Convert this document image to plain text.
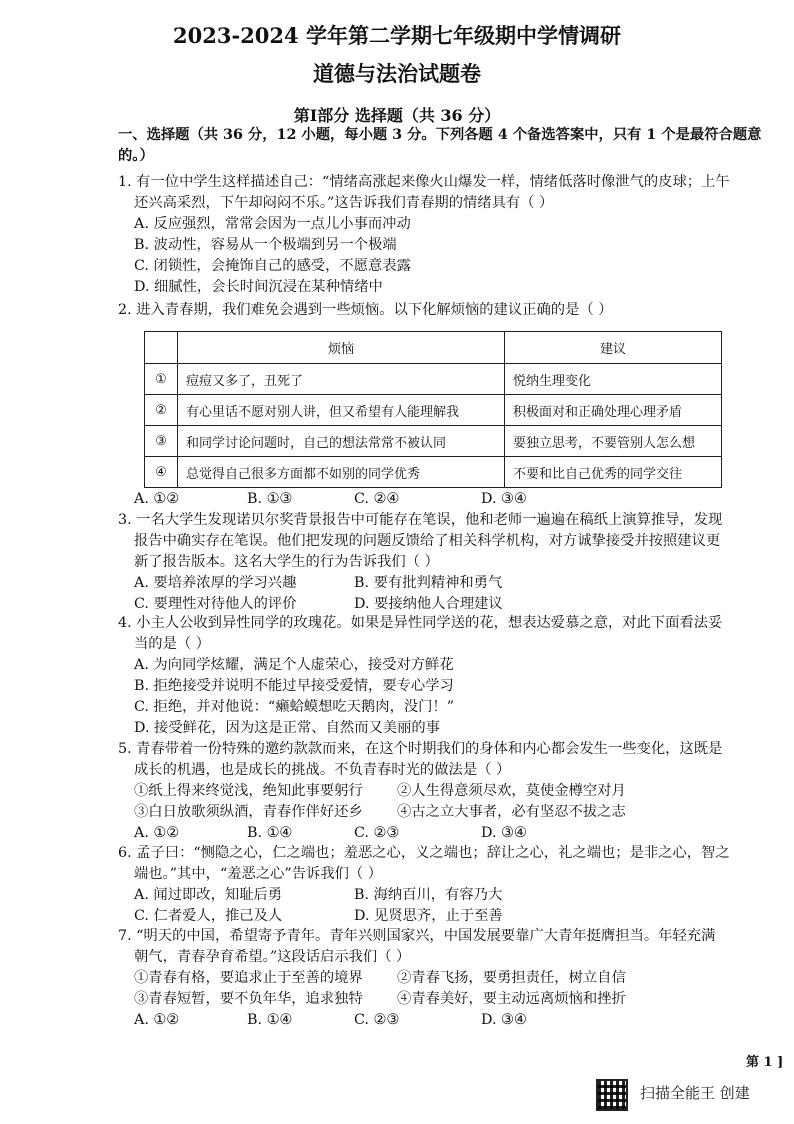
2023-2024 学年第二学期七年级期中学情调研
道德与法治试题卷
第Ⅰ部分 选择题（共 36 分）
一、选择题（共 36 分，12 小题，每小题 3 分。下列各题 4 个备选答案中，只有 1 个是最符合题意
的。）
1. 有一位中学生这样描述自己：“情绪高涨起来像火山爆发一样，情绪低落时像泄气的皮球；上午
还兴高采烈，下午却闷闷不乐。”这告诉我们青春期的情绪具有（ ）
A. 反应强烈，常常会因为一点儿小事而冲动
B. 波动性，容易从一个极端到另一个极端
C. 闭锁性，会掩饰自己的感受，不愿意表露
D. 细腻性，会长时间沉浸在某种情绪中
2. 进入青春期，我们难免会遇到一些烦恼。以下化解烦恼的建议正确的是（ ）
	烦恼	建议
①	痘痘又多了，丑死了	悦纳生理变化
②	有心里话不愿对别人讲，但又希望有人能理解我	积极面对和正确处理心理矛盾
③	和同学讨论问题时，自己的想法常常不被认同	要独立思考，不要管别人怎么想
④	总觉得自己很多方面都不如别的同学优秀	不要和比自己优秀的同学交往
A. ①②	B. ①③	C. ②④	D. ③④
3. 一名大学生发现诺贝尔奖背景报告中可能存在笔误，他和老师一遍遍在稿纸上演算推导，发现
报告中确实存在笔误。他们把发现的问题反馈给了相关科学机构，对方诚挚接受并按照建议更
新了报告版本。这名大学生的行为告诉我们（ ）
A. 要培养浓厚的学习兴趣	B. 要有批判精神和勇气
C. 要理性对待他人的评价	D. 要接纳他人合理建议
4. 小主人公收到异性同学的玫瑰花。如果是异性同学送的花，想表达爱慕之意，对此下面看法妥
当的是（ ）
A. 为向同学炫耀，满足个人虚荣心，接受对方鲜花
B. 拒绝接受并说明不能过早接受爱情，要专心学习
C. 拒绝，并对他说：“癞蛤蟆想吃天鹅肉，没门！”
D. 接受鲜花，因为这是正常、自然而又美丽的事
5. 青春带着一份特殊的邀约款款而来，在这个时期我们的身体和内心都会发生一些变化，这既是
成长的机遇，也是成长的挑战。不负青春时光的做法是（ ）
①纸上得来终觉浅，绝知此事要躬行 ②人生得意须尽欢，莫使金樽空对月
③白日放歌须纵酒，青春作伴好还乡 ④古之立大事者，必有坚忍不拔之志
A. ①②	B. ①④	C. ②③	D. ③④
6. 孟子曰：“恻隐之心，仁之端也；羞恶之心，义之端也；辞让之心，礼之端也；是非之心，智之
端也。”其中，“羞恶之心”告诉我们（ ）
A. 闻过即改，知耻后勇	B. 海纳百川，有容乃大
C. 仁者爱人，推己及人	D. 见贤思齐，止于至善
7. “明天的中国，希望寄予青年。青年兴则国家兴，中国发展要靠广大青年挺膺担当。年轻充满
朝气，青春孕育希望。”这段话启示我们（ ）
①青春有格，要追求止于至善的境界 ②青春飞扬，要勇担责任，树立自信
③青春短暂，要不负年华，追求独特 ④青春美好，要主动远离烦恼和挫折
A. ①②	B. ①④	C. ②③	D. ③④
第 1 ]
扫描全能王 创建
